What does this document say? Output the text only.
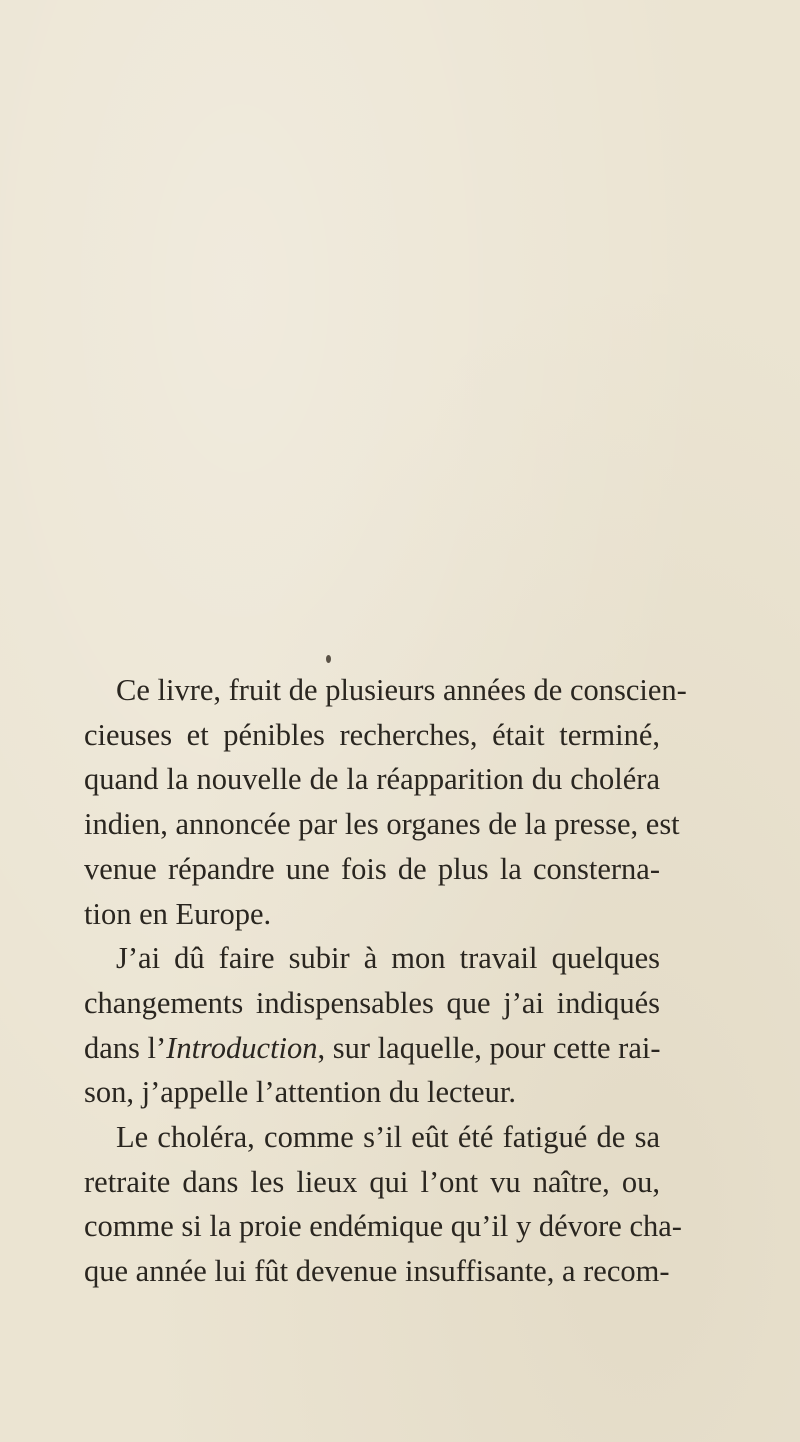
Ce livre, fruit de plusieurs années de conscien-
cieuses et pénibles recherches, était terminé,
quand la nouvelle de la réapparition du choléra
indien, annoncée par les organes de la presse, est
venue répandre une fois de plus la consterna-
tion en Europe.
J’ai dû faire subir à mon travail quelques
changements indispensables que j’ai indiqués
dans l’Introduction, sur laquelle, pour cette rai-
son, j’appelle l’attention du lecteur.
Le choléra, comme s’il eût été fatigué de sa
retraite dans les lieux qui l’ont vu naître, ou,
comme si la proie endémique qu’il y dévore cha-
que année lui fût devenue insuffisante, a recom-
